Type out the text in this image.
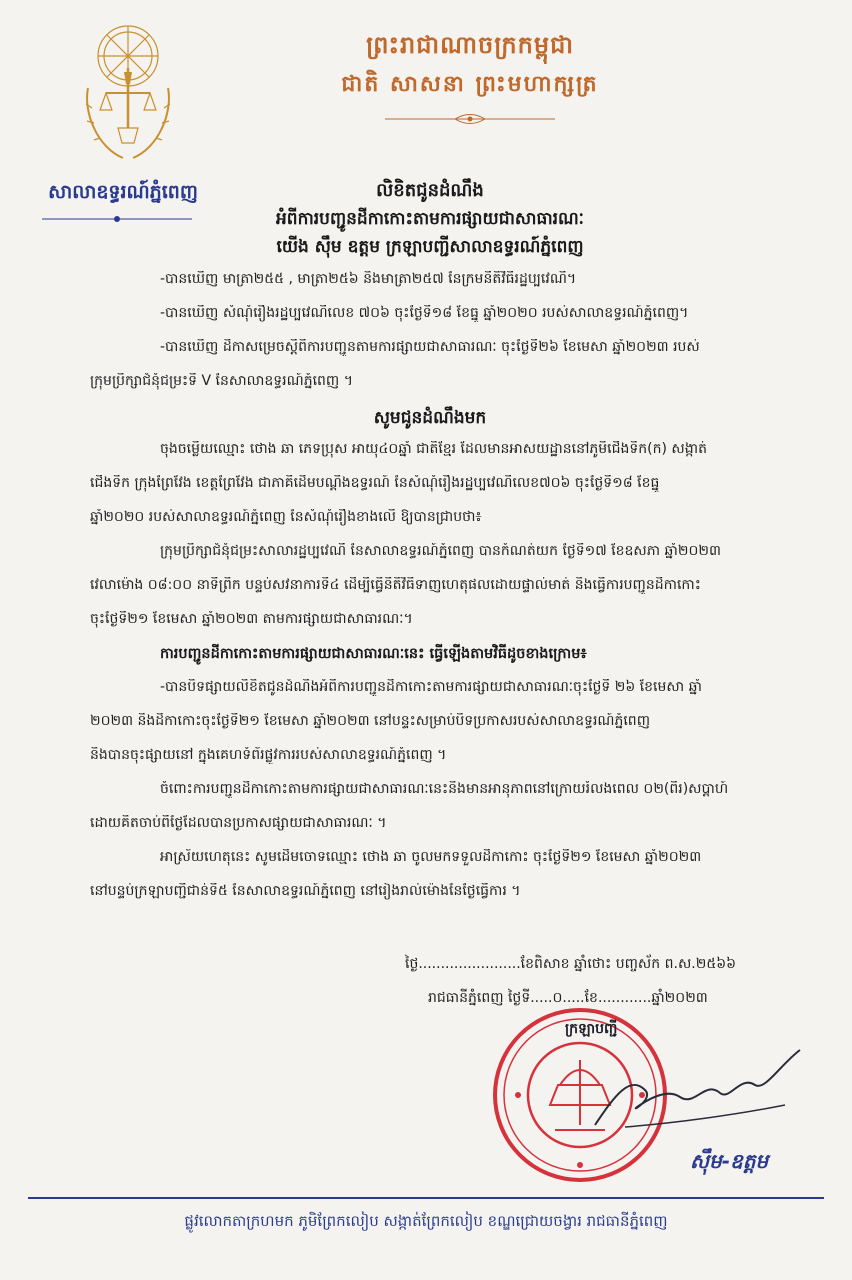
សាលាឧទ្ធរណ៍ភ្នំពេញ
ព្រះរាជាណាចក្រកម្ពុជា
ជាតិ សាសនា ព្រះមហាក្សត្រ
លិខិតជូនដំណឹង
អំពីការបញ្ជូនដីកាកោះតាមការផ្សាយជាសាធារណៈ
យើង ស៊ឹម ឧត្តម ក្រឡាបញ្ជីសាលាឧទ្ធរណ៍ភ្នំពេញ
-បានឃើញ មាត្រា២៥៥ , មាត្រា២៥៦ និងមាត្រា២៥៧ នៃក្រមនីតិវិធីរដ្ឋប្បវេណី។
-បានឃើញ សំណុំរឿងរដ្ឋប្បវេណីលេខ ៧០៦ ចុះថ្ងៃទី១៨ ខែធ្នូ ឆ្នាំ២០២០ របស់សាលាឧទ្ធរណ៍ភ្នំពេញ។
-បានឃើញ ដីកាសម្រេចស្តីពីការបញ្ជូនតាមការផ្សាយជាសាធារណៈ ចុះថ្ងៃទី២៦ ខែមេសា ឆ្នាំ២០២៣ របស់
ក្រុមប្រឹក្សាជំនុំជម្រះទី V នៃសាលាឧទ្ធរណ៍ភ្នំពេញ ។
សូមជូនដំណឹងមក
ចុងចម្លើយឈ្មោះ ថោង ឆា ភេទប្រុស អាយុ៤០ឆ្នាំ ជាតិខ្មែរ ដែលមានអាសយដ្ឋាននៅភូមិជើងទឹក(ក) សង្កាត់
ជើងទឹក ក្រុងព្រៃវែង ខេត្តព្រៃវែង ជាភាគីដើមបណ្តឹងឧទ្ធរណ៍ នៃសំណុំរឿងរដ្ឋប្បវេណីលេខ៧០៦ ចុះថ្ងៃទី១៨ ខែធ្នូ
ឆ្នាំ២០២០ របស់សាលាឧទ្ធរណ៍ភ្នំពេញ នៃសំណុំរឿងខាងលើ ឱ្យបានជ្រាបថា៖
ក្រុមប្រឹក្សាជំនុំជម្រះសាលារដ្ឋប្បវេណី នៃសាលាឧទ្ធរណ៍ភ្នំពេញ បានកំណត់យក ថ្ងៃទី១៧ ខែឧសភា ឆ្នាំ២០២៣
វេលាម៉ោង ០៨:០០ នាទីព្រឹក បន្ទប់សវនាការទី៤ ដើម្បីធ្វើនីតិវិធីទាញហេតុផលដោយផ្ទាល់មាត់ និងធ្វើការបញ្ជូនដីកាកោះ
ចុះថ្ងៃទី២១ ខែមេសា ឆ្នាំ២០២៣ តាមការផ្សាយជាសាធារណៈ។
ការបញ្ជូនដីកាកោះតាមការផ្សាយជាសាធារណៈនេះ ធ្វើឡើងតាមវិធីដូចខាងក្រោម៖
-បានបិទផ្សាយលិខិតជូនដំណឹងអំពីការបញ្ជូនដីកាកោះតាមការផ្សាយជាសាធារណៈចុះថ្ងៃទី ២៦ ខែមេសា ឆ្នាំ
២០២៣ និងដីកាកោះចុះថ្ងៃទី២១ ខែមេសា ឆ្នាំ២០២៣ នៅបន្ទះសម្រាប់បិទប្រកាសរបស់សាលាឧទ្ធរណ៍ភ្នំពេញ
និងបានចុះផ្សាយនៅ ក្នុងគេហទំព័រផ្លូវការរបស់សាលាឧទ្ធរណ៍ភ្នំពេញ ។
ចំពោះការបញ្ជូនដីកាកោះតាមការផ្សាយជាសាធារណៈនេះនឹងមានអានុភាពនៅក្រោយរំលងពេល ០២(ពីរ)សប្តាហ៍
ដោយគិតចាប់ពីថ្ងៃដែលបានប្រកាសផ្សាយជាសាធារណៈ ។
អាស្រ័យហេតុនេះ សូមដើមចោទឈ្មោះ ថោង ឆា ចូលមកទទួលដីកាកោះ ចុះថ្ងៃទី២១ ខែមេសា ឆ្នាំ២០២៣
នៅបន្ទប់ក្រឡាបញ្ជីជាន់ទី៥ នៃសាលាឧទ្ធរណ៍ភ្នំពេញ នៅរៀងរាល់ម៉ោងនៃថ្ងៃធ្វើការ ។
ថ្ងៃ.......................ខែពិសាខ ឆ្នាំថោះ បញ្ចស័ក ព.ស.២៥៦៦
រាជធានីភ្នំពេញ ថ្ងៃទី.....០.....ខែ............ឆ្នាំ២០២៣
ក្រឡាបញ្ជី
ស៊ឹម-ឧត្តម
ផ្លូវលោកតាក្រហមក ភូមិព្រែកលៀប សង្កាត់ព្រែកលៀប ខណ្ឌជ្រោយចង្វារ រាជធានីភ្នំពេញ
